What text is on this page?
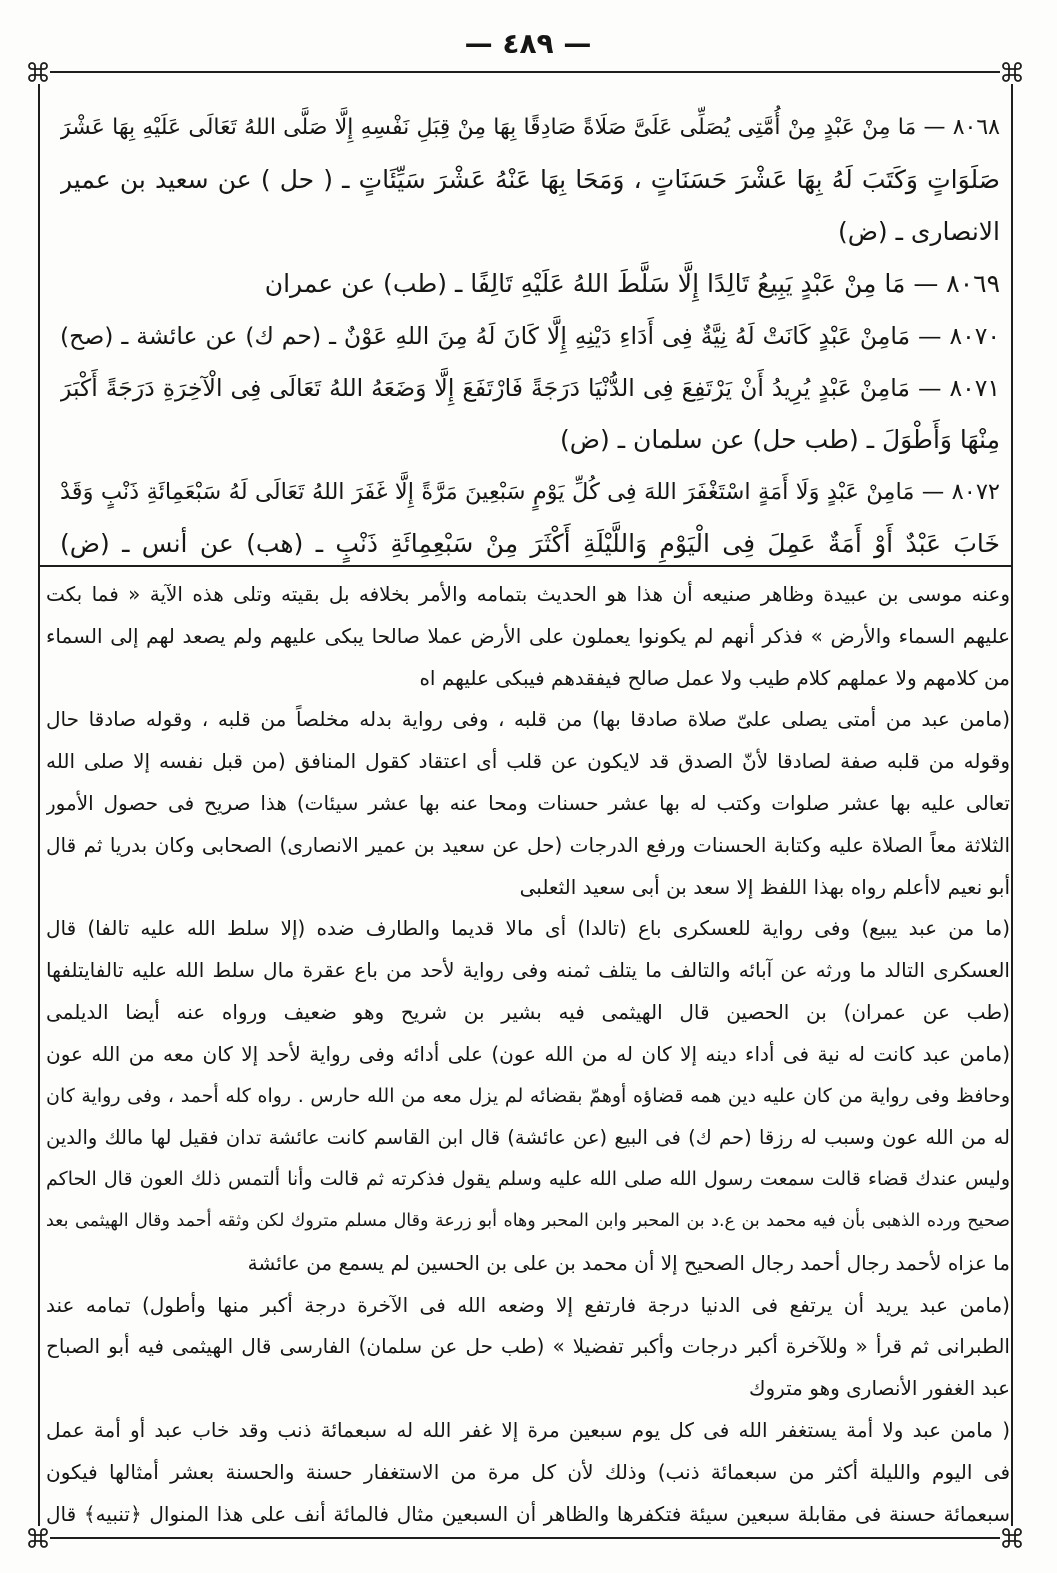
— ٤٨٩ —
٨٠٦٨ — مَا مِنْ عَبْدٍ مِنْ أُمَّتِى يُصَلِّى عَلَىَّ صَلَاةً صَادِقًا بِهَا مِنْ قِبَلِ نَفْسِهِ إِلَّا صَلَّى اللهُ تَعَالَى عَلَيْهِ بِهَا عَشْرَ
صَلَوَاتٍ وَكَتَبَ لَهُ بِهَا عَشْرَ حَسَنَاتٍ ، وَمَحَا بِهَا عَنْهُ عَشْرَ سَيِّئَاتٍ ـ ( حل ) عن سعيد بن عمير
الانصارى ـ (ض)
٨٠٦٩ — مَا مِنْ عَبْدٍ يَبِيعُ تَالِدًا إِلَّا سَلَّطَ اللهُ عَلَيْهِ تَالِفًا ـ (طب) عن عمران
٨٠٧٠ — مَامِنْ عَبْدٍ كَانَتْ لَهُ نِيَّةٌ فِى أَدَاءِ دَيْنِهِ إِلَّا كَانَ لَهُ مِنَ اللهِ عَوْنٌ ـ (حم ك) عن عائشة ـ (صح)
٨٠٧١ — مَامِنْ عَبْدٍ يُرِيدُ أَنْ يَرْتَفِعَ فِى الدُّنْيَا دَرَجَةً فَارْتَفَعَ إِلَّا وَضَعَهُ اللهُ تَعَالَى فِى الْآخِرَةِ دَرَجَةً أَكْبَرَ
مِنْهَا وَأَطْوَلَ ـ (طب حل) عن سلمان ـ (ض)
٨٠٧٢ — مَامِنْ عَبْدٍ وَلَا أَمَةٍ اسْتَغْفَرَ اللهَ فِى كُلِّ يَوْمٍ سَبْعِينَ مَرَّةً إِلَّا غَفَرَ اللهُ تَعَالَى لَهُ سَبْعَمِائَةِ ذَنْبٍ وَقَدْ
خَابَ عَبْدٌ أَوْ أَمَةٌ عَمِلَ فِى الْيَوْمِ وَاللَّيْلَةِ أَكْثَرَ مِنْ سَبْعِمِائَةِ ذَنْبٍ ـ (هب) عن أنس ـ (ض)
وعنه موسى بن عبيدة وظاهر صنيعه أن هذا هو الحديث بتمامه والأمر بخلافه بل بقيته وتلى هذه الآية « فما بكت
عليهم السماء والأرض » فذكر أنهم لم يكونوا يعملون على الأرض عملا صالحا يبكى عليهم ولم يصعد لهم إلى السماء
من كلامهم ولا عملهم كلام طيب ولا عمل صالح فيفقدهم فيبكى عليهم اه
(مامن عبد من أمتى يصلى علىّ صلاة صادقا بها) من قلبه ، وفى رواية بدله مخلصاً من قلبه ، وقوله صادقا حال
وقوله من قلبه صفة لصادقا لأنّ الصدق قد لايكون عن قلب أى اعتقاد كقول المنافق (من قبل نفسه إلا صلى الله
تعالى عليه بها عشر صلوات وكتب له بها عشر حسنات ومحا عنه بها عشر سيئات) هذا صريح فى حصول الأمور
الثلاثة معاً الصلاة عليه وكتابة الحسنات ورفع الدرجات (حل عن سعيد بن عمير الانصارى) الصحابى وكان بدريا ثم قال
أبو نعيم لاأعلم رواه بهذا اللفظ إلا سعد بن أبى سعيد الثعلبى
(ما من عبد يبيع) وفى رواية للعسكرى باع (تالدا) أى مالا قديما والطارف ضده (إلا سلط الله عليه تالفا) قال
العسكرى التالد ما ورثه عن آبائه والتالف ما يتلف ثمنه وفى رواية لأحد من باع عقرة مال سلط الله عليه تالفايتلفها
(طب عن عمران) بن الحصين قال الهيثمى فيه بشير بن شريح وهو ضعيف ورواه عنه أيضا الديلمى
(مامن عبد كانت له نية فى أداء دينه إلا كان له من الله عون) على أدائه وفى رواية لأحد إلا كان معه من الله عون
وحافظ وفى رواية من كان عليه دين همه قضاؤه أوهمّ بقضائه لم يزل معه من الله حارس . رواه كله أحمد ، وفى رواية كان
له من الله عون وسبب له رزقا (حم ك) فى البيع (عن عائشة) قال ابن القاسم كانت عائشة تدان فقيل لها مالك والدين
وليس عندك قضاء قالت سمعت رسول الله صلى الله عليه وسلم يقول فذكرته ثم قالت وأنا ألتمس ذلك العون قال الحاكم
صحيح ورده الذهبى بأن فيه محمد بن ع.د بن المحبر وابن المحبر وهاه أبو زرعة وقال مسلم متروك لكن وثقه أحمد وقال الهيثمى بعد
ما عزاه لأحمد رجال أحمد رجال الصحيح إلا أن محمد بن على بن الحسين لم يسمع من عائشة
(مامن عبد يريد أن يرتفع فى الدنيا درجة فارتفع إلا وضعه الله فى الآخرة درجة أكبر منها وأطول) تمامه عند
الطبرانى ثم قرأ « وللآخرة أكبر درجات وأكبر تفضيلا » (طب حل عن سلمان) الفارسى قال الهيثمى فيه أبو الصباح
عبد الغفور الأنصارى وهو متروك
( مامن عبد ولا أمة يستغفر الله فى كل يوم سبعين مرة إلا غفر الله له سبعمائة ذنب وقد خاب عبد أو أمة عمل
فى اليوم والليلة أكثر من سبعمائة ذنب) وذلك لأن كل مرة من الاستغفار حسنة والحسنة بعشر أمثالها فيكون
سبعمائة حسنة فى مقابلة سبعين سيئة فتكفرها والظاهر أن السبعين مثال فالمائة أنف على هذا المنوال ﴿تنبيه﴾ قال
